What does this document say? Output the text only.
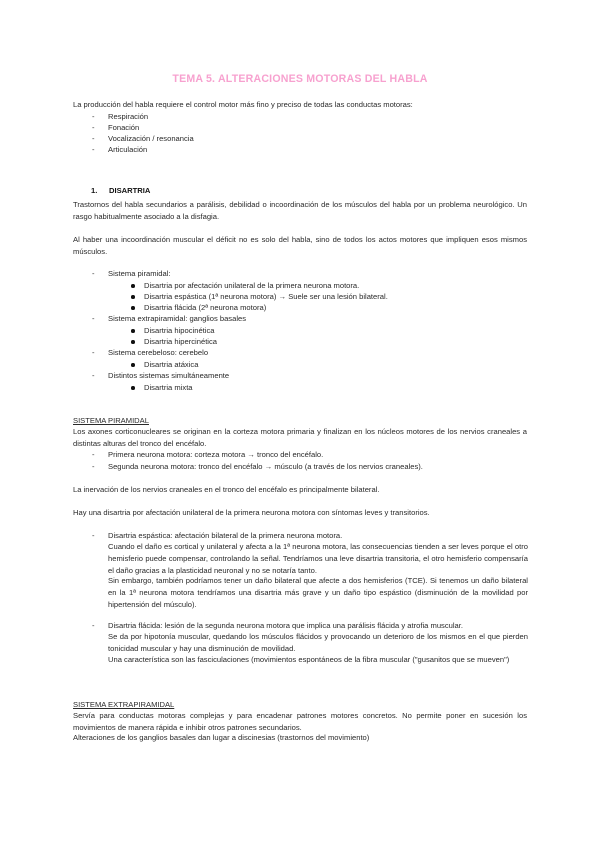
TEMA 5. ALTERACIONES MOTORAS DEL HABLA
La producción del habla requiere el control motor más fino y preciso de todas las conductas motoras:
- Respiración
- Fonación
- Vocalización / resonancia
- Articulación
1. DISARTRIA
Trastornos del habla secundarios a parálisis, debilidad o incoordinación de los músculos del habla por un problema neurológico. Un rasgo habitualmente asociado a la disfagia.
Al haber una incoordinación muscular el déficit no es solo del habla, sino de todos los actos motores que impliquen esos mismos músculos.
- Sistema piramidal:
Disartria por afectación unilateral de la primera neurona motora.
Disartria espástica (1ª neurona motora) → Suele ser una lesión bilateral.
Disartria flácida (2ª neurona motora)
- Sistema extrapiramidal: ganglios basales
Disartria hipocinética
Disartria hipercinética
- Sistema cerebeloso: cerebelo
Disartria atáxica
- Distintos sistemas simultáneamente
Disartria mixta
SISTEMA PIRAMIDAL
Los axones corticonucleares se originan en la corteza motora primaria y finalizan en los núcleos motores de los nervios craneales a distintas alturas del tronco del encéfalo.
- Primera neurona motora: corteza motora → tronco del encéfalo.
- Segunda neurona motora: tronco del encéfalo → músculo (a través de los nervios craneales).
La inervación de los nervios craneales en el tronco del encéfalo es principalmente bilateral.
Hay una disartria por afectación unilateral de la primera neurona motora con síntomas leves y transitorios.
- Disartria espástica: afectación bilateral de la primera neurona motora.
Cuando el daño es cortical y unilateral y afecta a la 1ª neurona motora, las consecuencias tienden a ser leves porque el otro hemisferio puede compensar, controlando la señal. Tendríamos una leve disartria transitoria, el otro hemisferio compensaría el daño gracias a la plasticidad neuronal y no se notaría tanto.
Sin embargo, también podríamos tener un daño bilateral que afecte a dos hemisferios (TCE). Si tenemos un daño bilateral en la 1ª neurona motora tendríamos una disartria más grave y un daño tipo espástico (disminución de la movilidad por hipertensión del músculo).
- Disartria flácida: lesión de la segunda neurona motora que implica una parálisis flácida y atrofia muscular.
Se da por hipotonía muscular, quedando los músculos flácidos y provocando un deterioro de los mismos en el que pierden tonicidad muscular y hay una disminución de movilidad.
Una característica son las fasciculaciones (movimientos espontáneos de la fibra muscular ("gusanitos que se mueven")
SISTEMA EXTRAPIRAMIDAL
Servía para conductas motoras complejas y para encadenar patrones motores concretos. No permite poner en sucesión los movimientos de manera rápida e inhibir otros patrones secundarios.
Alteraciones de los ganglios basales dan lugar a discinesias (trastornos del movimiento)
